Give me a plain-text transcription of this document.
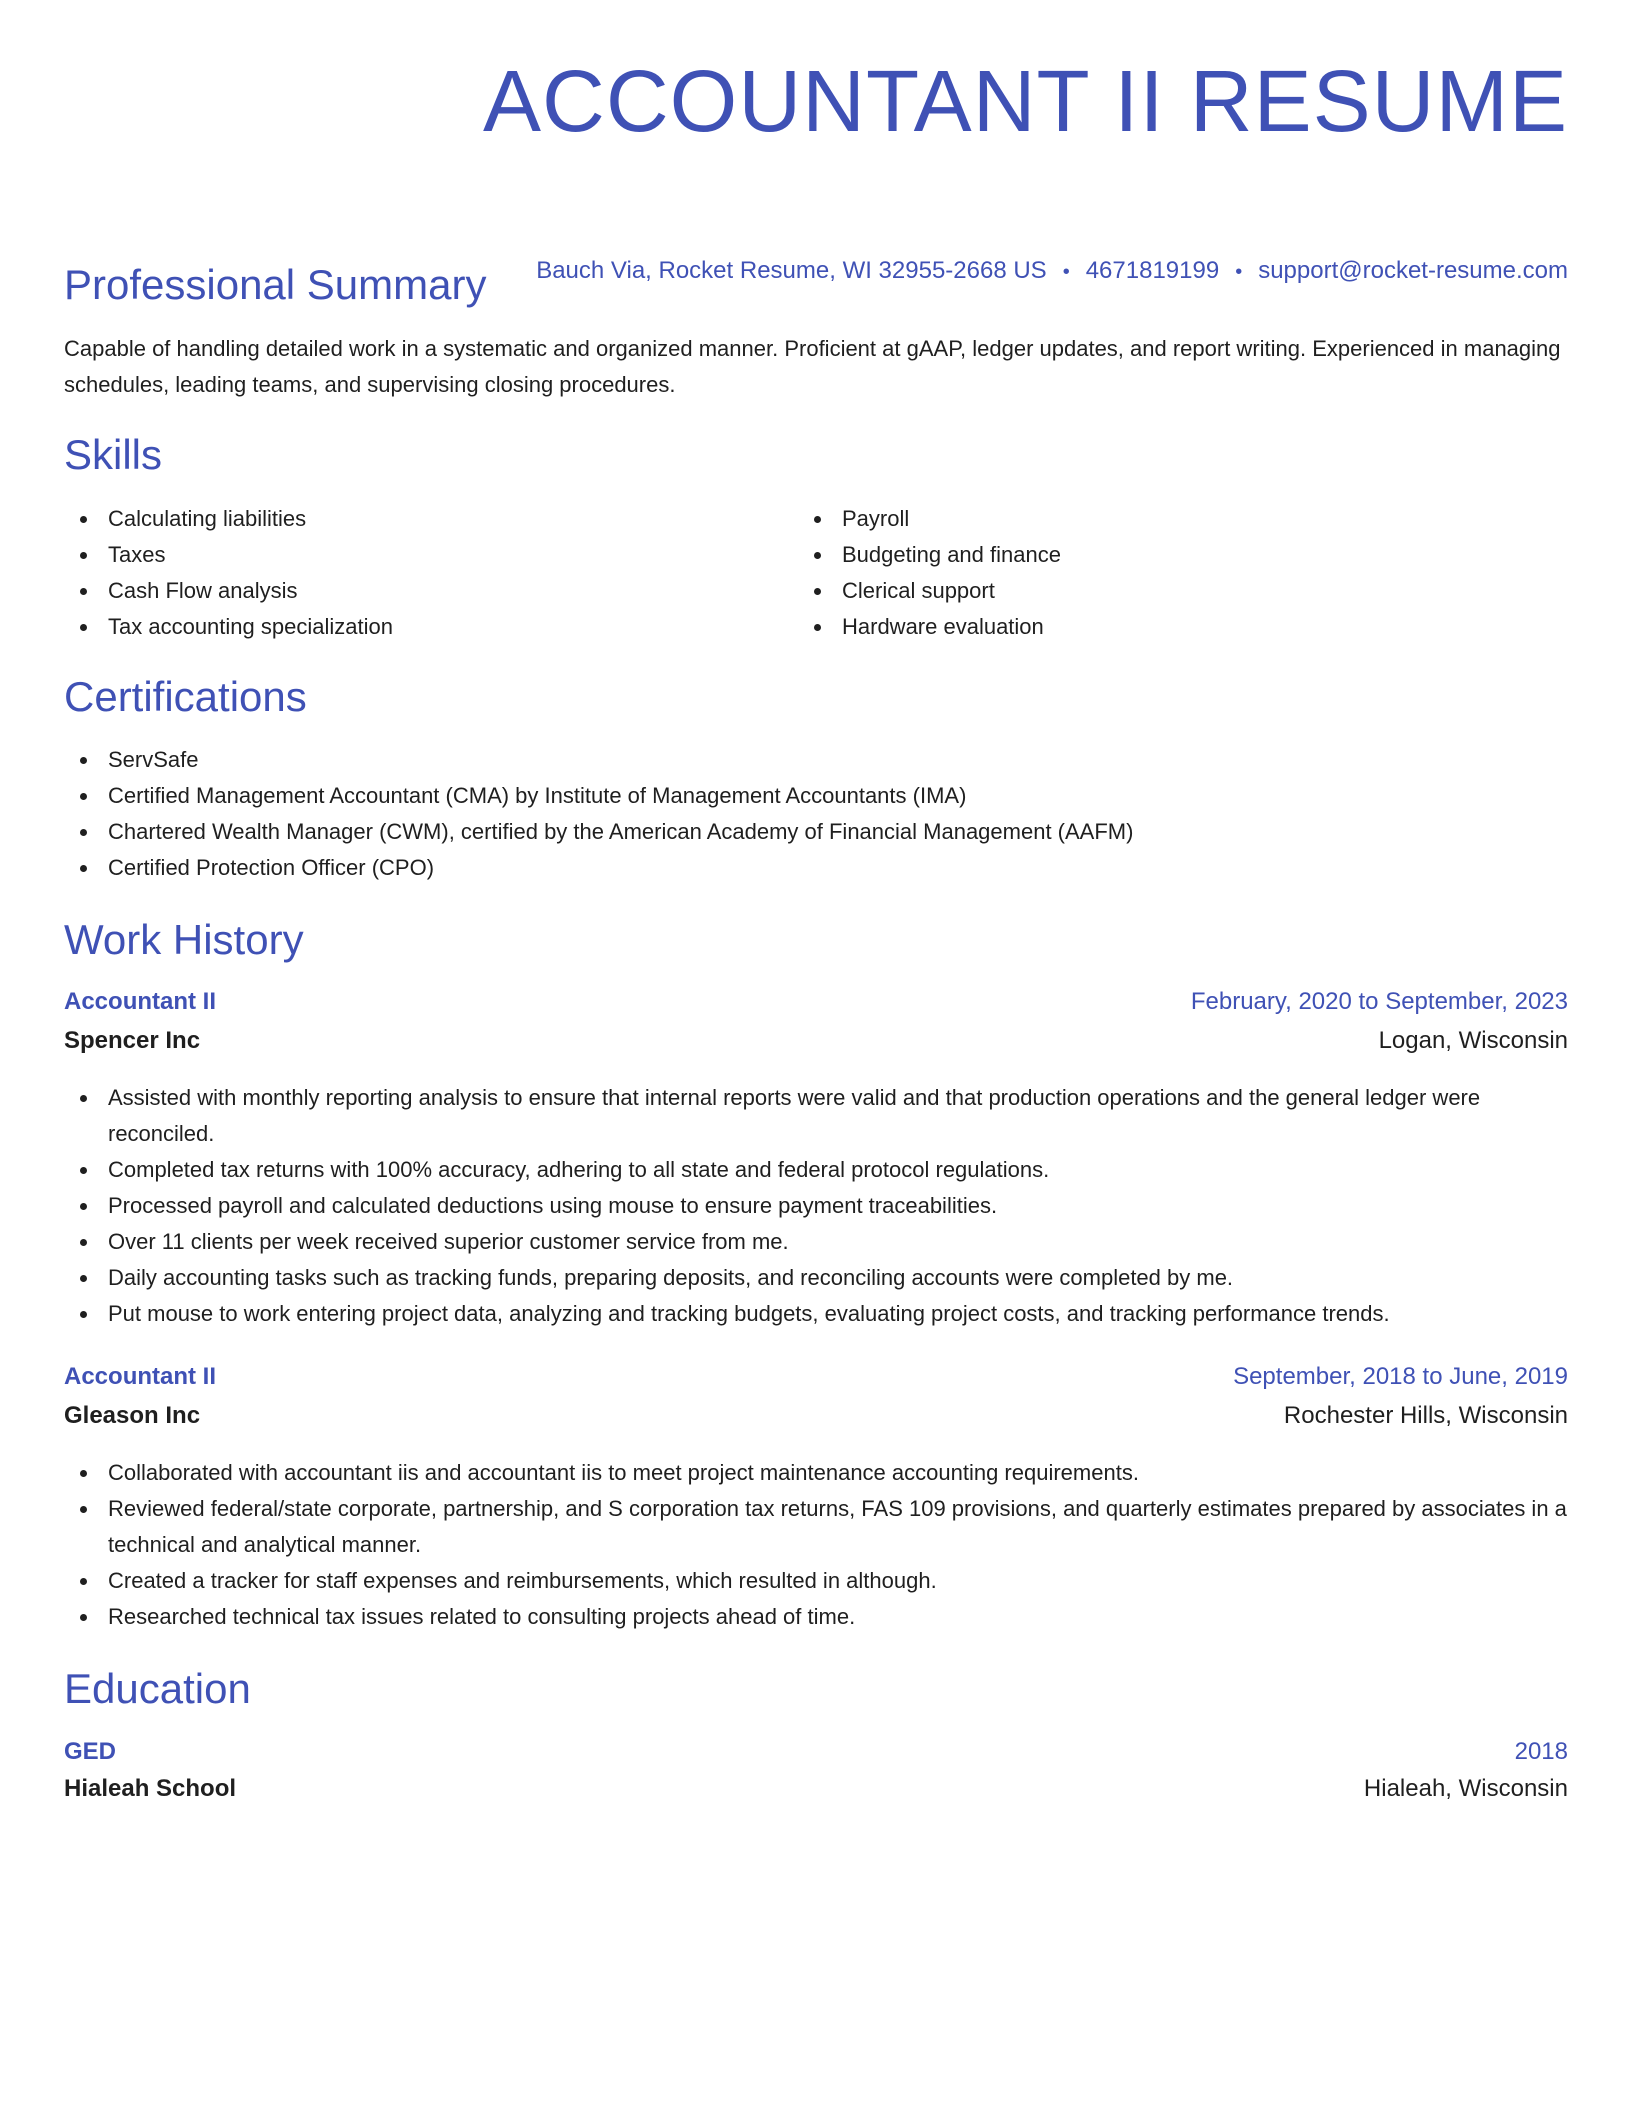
ACCOUNTANT II RESUME
Bauch Via, Rocket Resume, WI 32955-2668 US • 4671819199 • support@rocket-resume.com
Professional Summary

Capable of handling detailed work in a systematic and organized manner. Proficient at gAAP, ledger updates, and report writing. Experienced in managing schedules, leading teams, and supervising closing procedures.

Skills
Calculating liabilities
Taxes
Cash Flow analysis
Tax accounting specialization
Payroll
Budgeting and finance
Clerical support
Hardware evaluation
Certifications
ServSafe
Certified Management Accountant (CMA) by Institute of Management Accountants (IMA)
Chartered Wealth Manager (CWM), certified by the American Academy of Financial Management (AAFM)
Certified Protection Officer (CPO)
Work History
Accountant II	February, 2020 to September, 2023
Spencer Inc	Logan, Wisconsin
Assisted with monthly reporting analysis to ensure that internal reports were valid and that production operations and the general ledger were reconciled.
Completed tax returns with 100% accuracy, adhering to all state and federal protocol regulations.
Processed payroll and calculated deductions using mouse to ensure payment traceabilities.
Over 11 clients per week received superior customer service from me.
Daily accounting tasks such as tracking funds, preparing deposits, and reconciling accounts were completed by me.
Put mouse to work entering project data, analyzing and tracking budgets, evaluating project costs, and tracking performance trends.
Accountant II	September, 2018 to June, 2019
Gleason Inc	Rochester Hills, Wisconsin
Collaborated with accountant iis and accountant iis to meet project maintenance accounting requirements.
Reviewed federal/state corporate, partnership, and S corporation tax returns, FAS 109 provisions, and quarterly estimates prepared by associates in a technical and analytical manner.
Created a tracker for staff expenses and reimbursements, which resulted in although.
Researched technical tax issues related to consulting projects ahead of time.
Education
GED	2018
Hialeah School	Hialeah, Wisconsin
